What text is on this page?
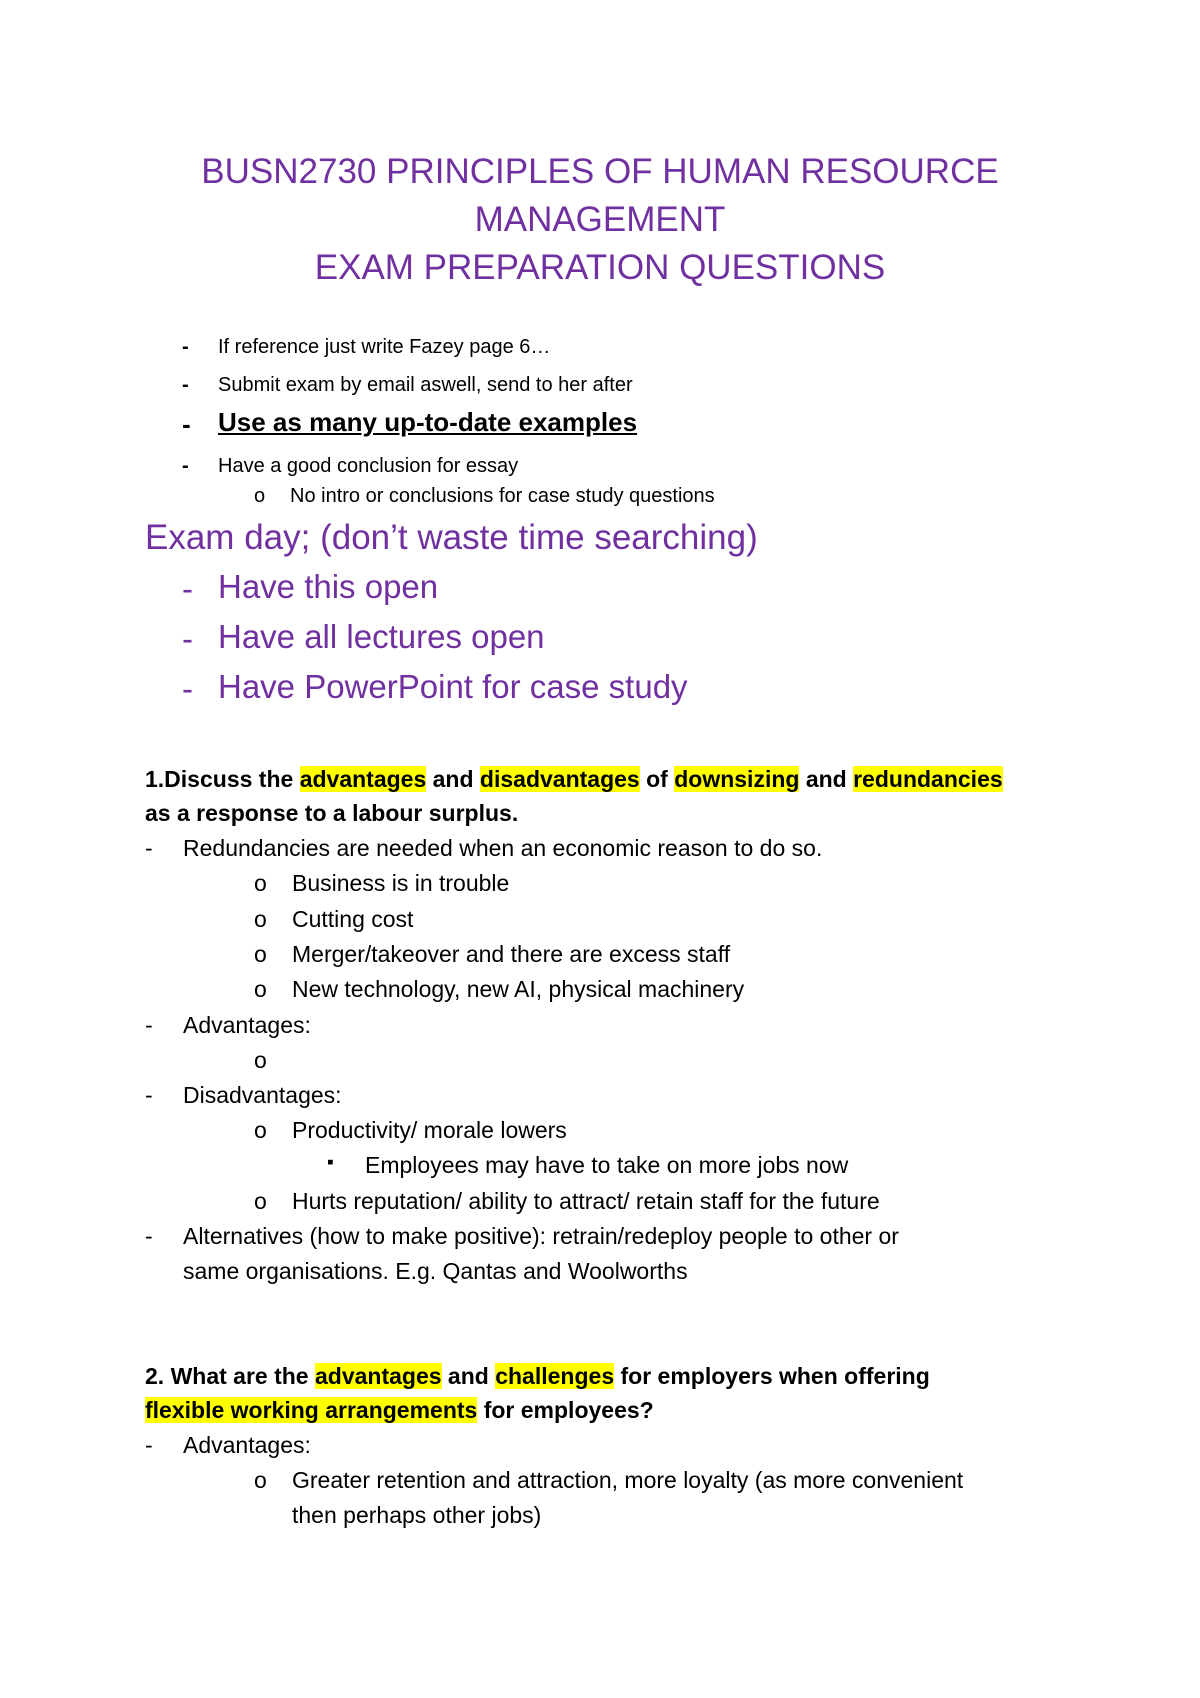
BUSN2730 PRINCIPLES OF HUMAN RESOURCE
MANAGEMENT
EXAM PREPARATION QUESTIONS
- If reference just write Fazey page 6…
- Submit exam by email aswell, send to her after
- Use as many up-to-date examples
- Have a good conclusion for essay
o No intro or conclusions for case study questions
Exam day; (don’t waste time searching)
- Have this open
- Have all lectures open
- Have PowerPoint for case study
1.Discuss the advantages and disadvantages of downsizing and redundancies
as a response to a labour surplus.
- Redundancies are needed when an economic reason to do so.
o Business is in trouble
o Cutting cost
o Merger/takeover and there are excess staff
o New technology, new AI, physical machinery
- Advantages:
o
- Disadvantages:
o Productivity/ morale lowers
▪ Employees may have to take on more jobs now
o Hurts reputation/ ability to attract/ retain staff for the future
- Alternatives (how to make positive): retrain/redeploy people to other or
same organisations. E.g. Qantas and Woolworths
2. What are the advantages and challenges for employers when offering
flexible working arrangements for employees?
- Advantages:
o Greater retention and attraction, more loyalty (as more convenient
then perhaps other jobs)
